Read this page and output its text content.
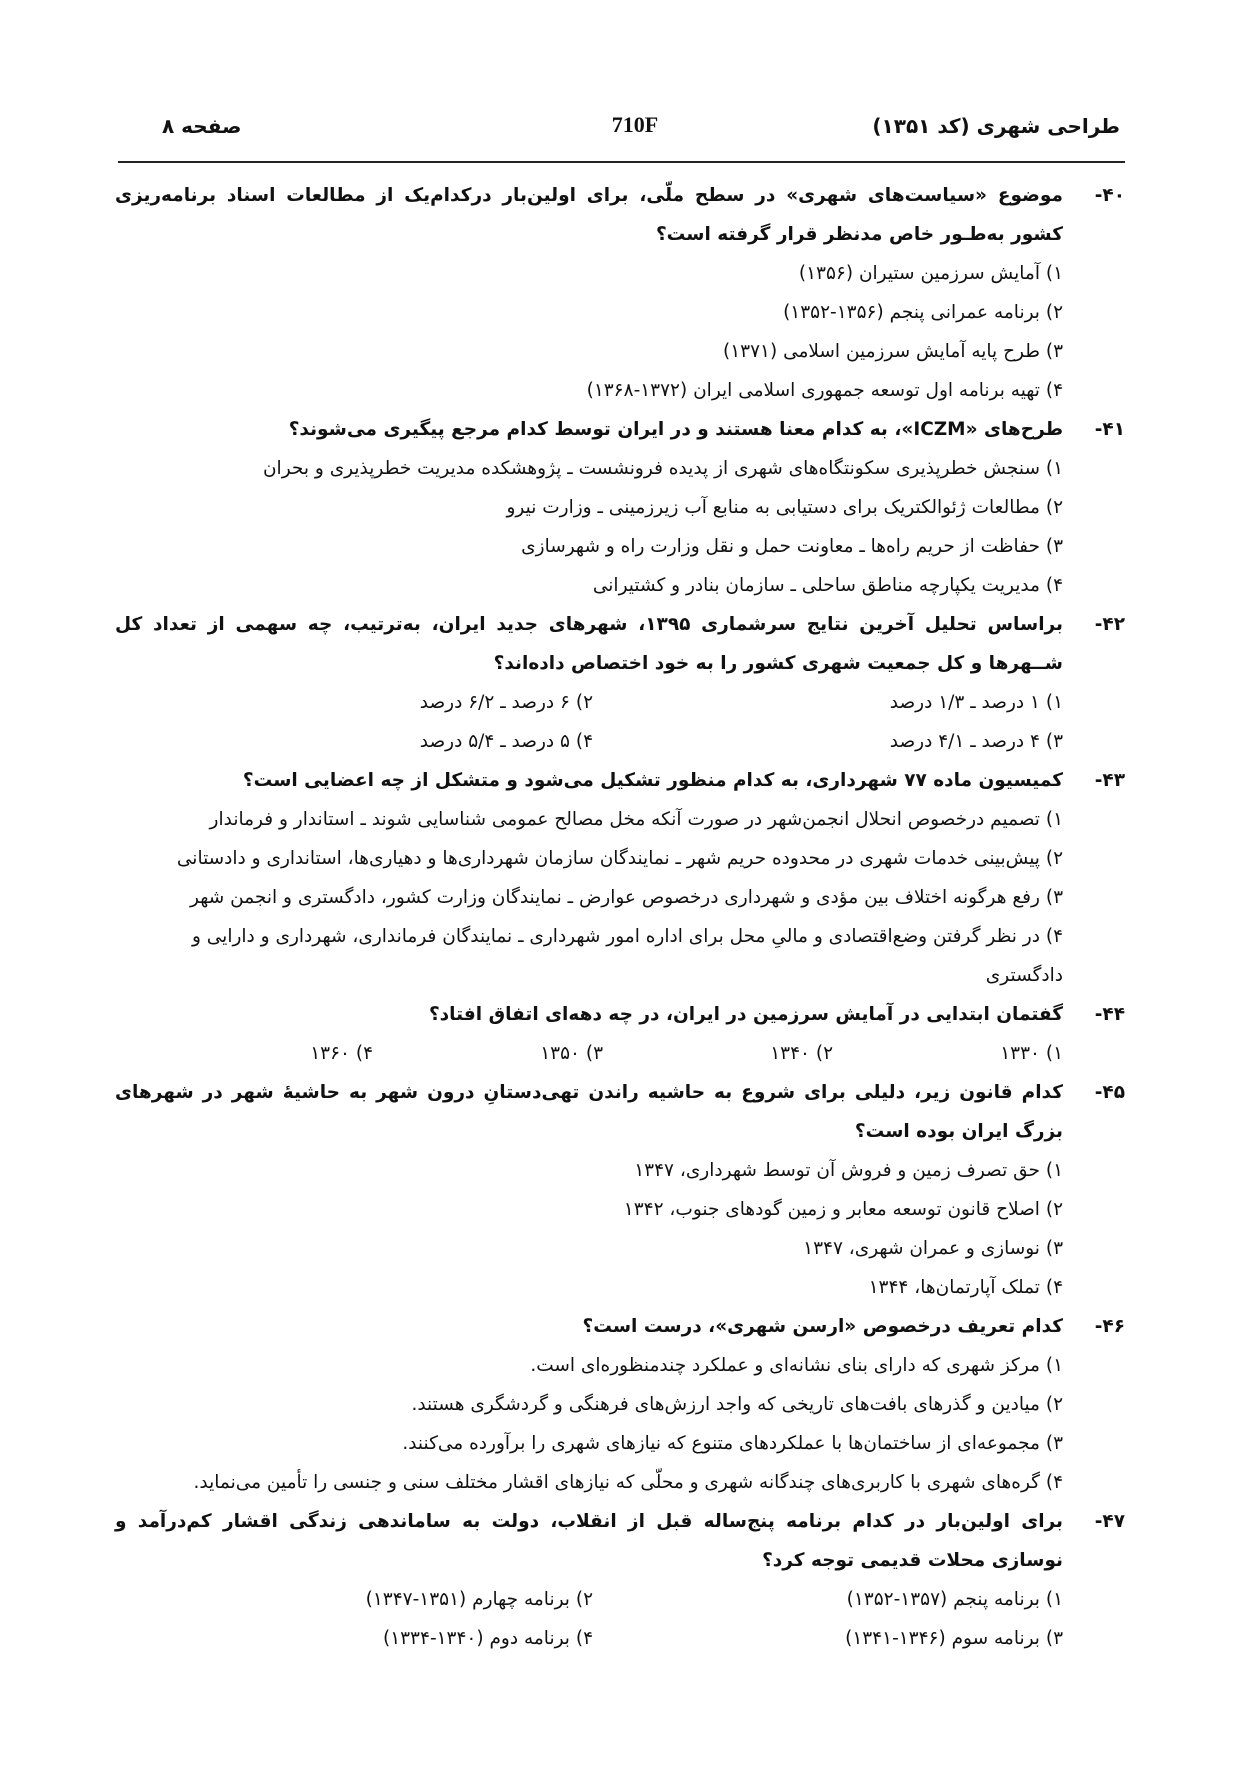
طراحی شهری (کد ۱۳۵۱)
710F
صفحه ۸
۴۰-
موضوع «سیاست‌های شهری» در سطح ملّی، برای اولین‌بار درکدام‌یک از مطالعات اسناد برنامه‌ریزی کشور به‌طـور خاص مدنظر قرار گرفته است؟
۱) آمایش سرزمین ستیران (۱۳۵۶)
۲) برنامه عمرانی پنجم (۱۳۵۶-۱۳۵۲)
۳) طرح پایه آمایش سرزمین اسلامی (۱۳۷۱)
۴) تهیه برنامه اول توسعه جمهوری اسلامی ایران (۱۳۷۲-۱۳۶۸)
۴۱-
طرح‌های «ICZM»، به کدام معنا هستند و در ایران توسط کدام مرجع پیگیری می‌شوند؟
۱) سنجش خطرپذیری سکونتگاه‌های شهری از پدیده فرونشست ـ پژوهشکده مدیریت خطرپذیری و بحران
۲) مطالعات ژئوالکتریک برای دستیابی به منابع آب زیرزمینی ـ وزارت نیرو
۳) حفاظت از حریم راه‌ها ـ معاونت حمل و نقل وزارت راه و شهرسازی
۴) مدیریت یکپارچه مناطق ساحلی ـ سازمان بنادر و کشتیرانی
۴۲-
براساس تحلیل آخرین نتایج سرشماری ۱۳۹۵، شهرهای جدید ایران، به‌ترتیب، چه سهمی از تعداد کل شــهرها و کل جمعیت شهری کشور را به خود اختصاص داده‌اند؟
۱) ۱ درصد ـ ۱/۳ درصد
۲) ۶ درصد ـ ۶/۲ درصد
۳) ۴ درصد ـ ۴/۱ درصد
۴) ۵ درصد ـ ۵/۴ درصد
۴۳-
کمیسیون ماده ۷۷ شهرداری، به کدام منظور تشکیل می‌شود و متشکل از چه اعضایی است؟
۱) تصمیم درخصوص انحلال انجمن‌شهر در صورت آنکه مخل مصالح عمومی شناسایی شوند ـ استاندار و فرماندار
۲) پیش‌بینی خدمات شهری در محدوده حریم شهر ـ نمایندگان سازمان شهرداری‌ها و دهیاری‌ها، استانداری و دادستانی
۳) رفع هرگونه اختلاف بین مؤدی و شهرداری درخصوص عوارض ـ نمایندگان وزارت کشور، دادگستری و انجمن شهر
۴) در نظر گرفتن وضع‌اقتصادی و مالیِ محل برای اداره امور شهرداری ـ نمایندگان فرمانداری، شهرداری و دارایی و دادگستری
۴۴-
گفتمان ابتدایی در آمایش سرزمین در ایران، در چه دهه‌ای اتفاق افتاد؟
۱) ۱۳۳۰
۲) ۱۳۴۰
۳) ۱۳۵۰
۴) ۱۳۶۰
۴۵-
کدام قانون زیر، دلیلی برای شروع به حاشیه راندن تهی‌دستانِ درون شهر به حاشیهٔ شهر در شهرهای بزرگ ایران بوده است؟
۱) حق تصرف زمین و فروش آن توسط شهرداری، ۱۳۴۷
۲) اصلاح قانون توسعه معابر و زمین گودهای جنوب، ۱۳۴۲
۳) نوسازی و عمران شهری، ۱۳۴۷
۴) تملک آپارتمان‌ها، ۱۳۴۴
۴۶-
کدام تعریف درخصوص «ارسن شهری»، درست است؟
۱) مرکز شهری که دارای بنای نشانه‌ای و عملکرد چندمنظوره‌ای است.
۲) میادین و گذرهای بافت‌های تاریخی که واجد ارزش‌های فرهنگی و گردشگری هستند.
۳) مجموعه‌ای از ساختمان‌ها با عملکردهای متنوع که نیازهای شهری را برآورده می‌کنند.
۴) گره‌های شهری با کاربری‌های چندگانه شهری و محلّی که نیازهای اقشار مختلف سنی و جنسی را تأمین می‌نماید.
۴۷-
برای اولین‌بار در کدام برنامه پنج‌ساله قبل از انقلاب، دولت به ساماندهی زندگی اقشار کم‌درآمد و نوسازی محلات قدیمی توجه کرد؟
۱) برنامه پنجم (۱۳۵۷-۱۳۵۲)
۲) برنامه چهارم (۱۳۵۱-۱۳۴۷)
۳) برنامه سوم (۱۳۴۶-۱۳۴۱)
۴) برنامه دوم (۱۳۴۰-۱۳۳۴)
